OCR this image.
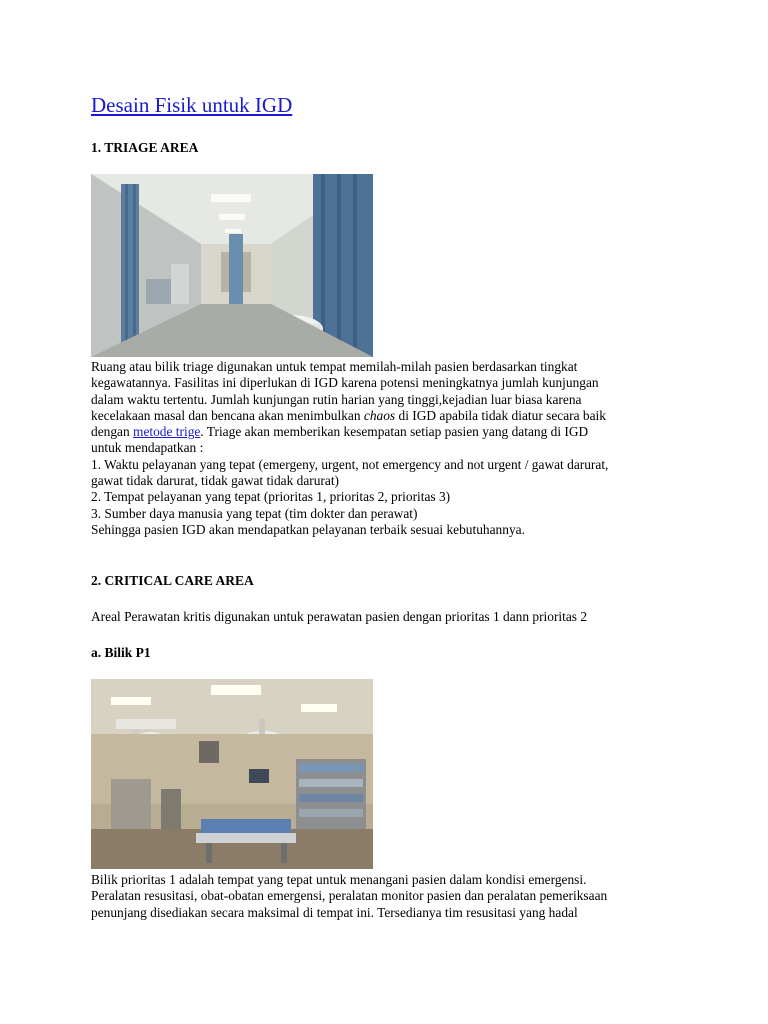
Desain Fisik untuk IGD
1. TRIAGE AREA
Ruang atau bilik triage digunakan untuk tempat memilah-milah pasien berdasarkan tingkat
kegawatannya. Fasilitas ini diperlukan di IGD karena potensi meningkatnya jumlah kunjungan
dalam waktu tertentu. Jumlah kunjungan rutin harian yang tinggi,kejadian luar biasa karena
kecelakaan masal dan bencana akan menimbulkan chaos di IGD apabila tidak diatur secara baik
dengan metode trige. Triage akan memberikan kesempatan setiap pasien yang datang di IGD
untuk mendapatkan :
1. Waktu pelayanan yang tepat (emergeny, urgent, not emergency and not urgent / gawat darurat,
gawat tidak darurat, tidak gawat tidak darurat)
2. Tempat pelayanan yang tepat (prioritas 1, prioritas 2, prioritas 3)
3. Sumber daya manusia yang tepat (tim dokter dan perawat)
Sehingga pasien IGD akan mendapatkan pelayanan terbaik sesuai kebutuhannya.
2. CRITICAL CARE AREA
Areal Perawatan kritis digunakan untuk perawatan pasien dengan prioritas 1 dann prioritas 2
a. Bilik P1
Bilik prioritas 1 adalah tempat yang tepat untuk menangani pasien dalam kondisi emergensi.
Peralatan resusitasi, obat-obatan emergensi, peralatan monitor pasien dan peralatan pemeriksaan
penunjang disediakan secara maksimal di tempat ini. Tersedianya tim resusitasi yang hadal
